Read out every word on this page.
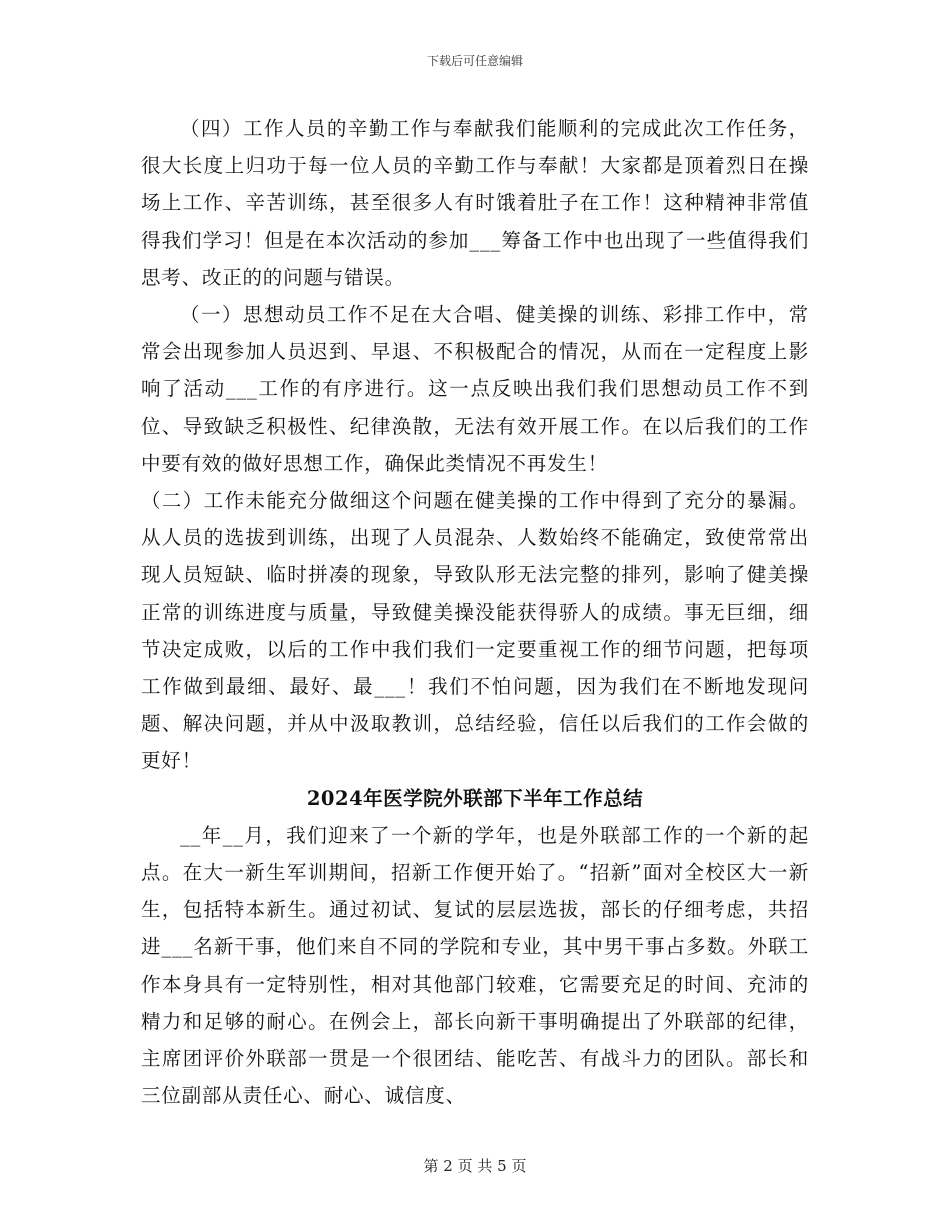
下载后可任意编辑

（四）工作人员的辛勤工作与奉献我们能顺利的完成此次工作任务，很大长度上归功于每一位人员的辛勤工作与奉献！大家都是顶着烈日在操场上工作、辛苦训练，甚至很多人有时饿着肚子在工作！这种精神非常值得我们学习！但是在本次活动的参加___筹备工作中也出现了一些值得我们思考、改正的的问题与错误。

（一）思想动员工作不足在大合唱、健美操的训练、彩排工作中，常常会出现参加人员迟到、早退、不积极配合的情况，从而在一定程度上影响了活动___工作的有序进行。这一点反映出我们我们思想动员工作不到位、导致缺乏积极性、纪律涣散，无法有效开展工作。在以后我们的工作中要有效的做好思想工作，确保此类情况不再发生！

（二）工作未能充分做细这个问题在健美操的工作中得到了充分的暴漏。从人员的选拔到训练，出现了人员混杂、人数始终不能确定，致使常常出现人员短缺、临时拼凑的现象，导致队形无法完整的排列，影响了健美操正常的训练进度与质量，导致健美操没能获得骄人的成绩。事无巨细，细节决定成败，以后的工作中我们我们一定要重视工作的细节问题，把每项工作做到最细、最好、最___！我们不怕问题，因为我们在不断地发现问题、解决问题，并从中汲取教训，总结经验，信任以后我们的工作会做的更好！

2024年医学院外联部下半年工作总结

__年__月，我们迎来了一个新的学年，也是外联部工作的一个新的起点。在大一新生军训期间，招新工作便开始了。“招新”面对全校区大一新生，包括特本新生。通过初试、复试的层层选拔，部长的仔细考虑，共招进___名新干事，他们来自不同的学院和专业，其中男干事占多数。外联工作本身具有一定特别性，相对其他部门较难，它需要充足的时间、充沛的精力和足够的耐心。在例会上，部长向新干事明确提出了外联部的纪律，主席团评价外联部一贯是一个很团结、能吃苦、有战斗力的团队。部长和三位副部从责任心、耐心、诚信度、

第 2 页 共 5 页
